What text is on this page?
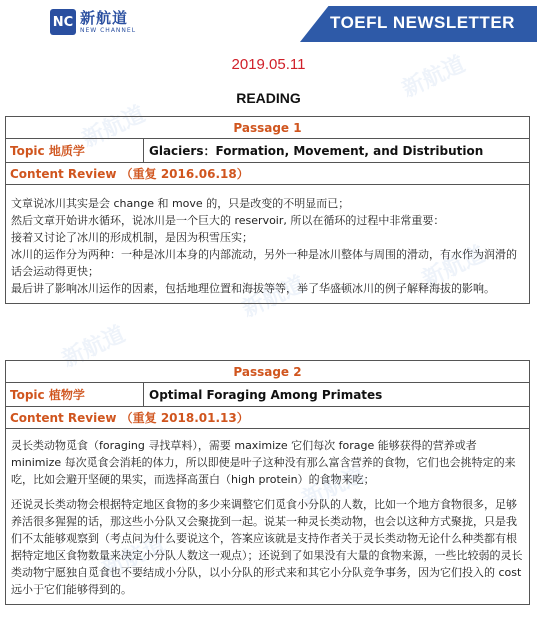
NC 新航道
NEW CHANNEL	TOEFL NEWSLETTER
新航道
新航道
新航道
新航道
新航道
新航道
新航道
2019.05.11
READING
Passage 1
Topic 地质学	Glaciers：Formation, Movement, and Distribution
Content Review （重复 2016.06.18）

文章说冰川其实是会 change 和 move 的，只是改变的不明显而已；

然后文章开始讲水循环，说冰川是一个巨大的 reservoir, 所以在循环的过程中非常重要：

接着又讨论了冰川的形成机制，是因为积雪压实；

冰川的运作分为两种：一种是冰川本身的内部流动，另外一种是冰川整体与周围的滑动，有水作为润滑的话会运动得更快；

最后讲了影响冰川运作的因素，包括地理位置和海拔等等，举了华盛顿冰川的例子解释海拔的影响。

Passage 2
Topic 植物学	Optimal Foraging Among Primates
Content Review （重复 2018.01.13）

灵长类动物觅食（foraging 寻找草料），需要 maximize 它们每次 forage 能够获得的营养或者 minimize 每次觅食会消耗的体力，所以即使是叶子这种没有那么富含营养的食物，它们也会挑特定的来吃，比如会避开坚硬的果实，而选择高蛋白（high protein）的食物来吃；

还说灵长类动物会根据特定地区食物的多少来调整它们觅食小分队的人数，比如一个地方食物很多，足够养活很多猩猩的话，那这些小分队又会聚拢到一起。说某一种灵长类动物，也会以这种方式聚拢，只是我们不太能够观察到（考点问为什么要说这个，答案应该就是支持作者关于灵长类动物无论什么种类都有根据特定地区食物数量来决定小分队人数这一观点）；还说到了如果没有大量的食物来源，一些比较弱的灵长类动物宁愿独自觅食也不要结成小分队，以小分队的形式来和其它小分队竞争事务，因为它们投入的 cost 远小于它们能够得到的。
